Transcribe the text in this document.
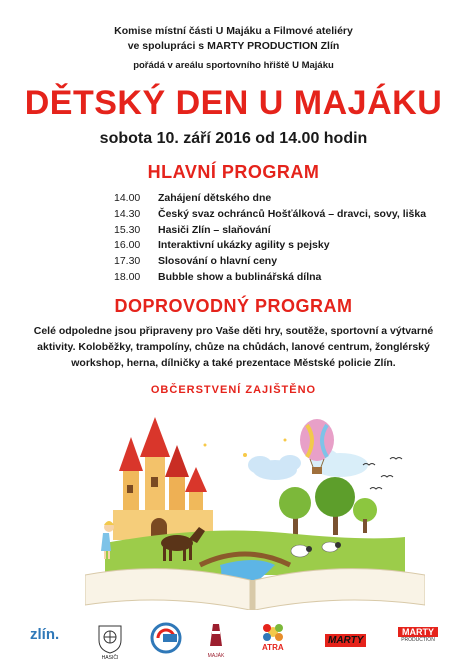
Komise místní části U Majáku a Filmové ateliéry
ve spolupráci s MARTY PRODUCTION Zlín
pořádá v areálu sportovního hřiště U Majáku
DĚTSKÝ DEN U MAJÁKU
sobota 10. září 2016 od 14.00 hodin
HLAVNÍ PROGRAM
14.00	Zahájení dětského dne
14.30	Český svaz ochránců Hošťálková – dravci, sovy, liška
15.30	Hasiči Zlín – slaňování
16.00	Interaktivní ukázky agility s pejsky
17.30	Slosování o hlavní ceny
18.00	Bubble show a bublinářská dílna
DOPROVODNÝ PROGRAM
Celé odpoledne jsou připraveny pro Vaše děti hry, soutěže, sportovní a výtvarné
aktivity. Koloběžky, trampolíny, chůze na chůdách, lanové centrum, žonglérský
workshop, herna, dílničky a také prezentace Městské policie Zlín.
OBČERSTVENÍ ZAJIŠTĚNO
zlín.
HASIČI	MAJÁK
ATRA
MARTY
MARTY
PRODUCTION
